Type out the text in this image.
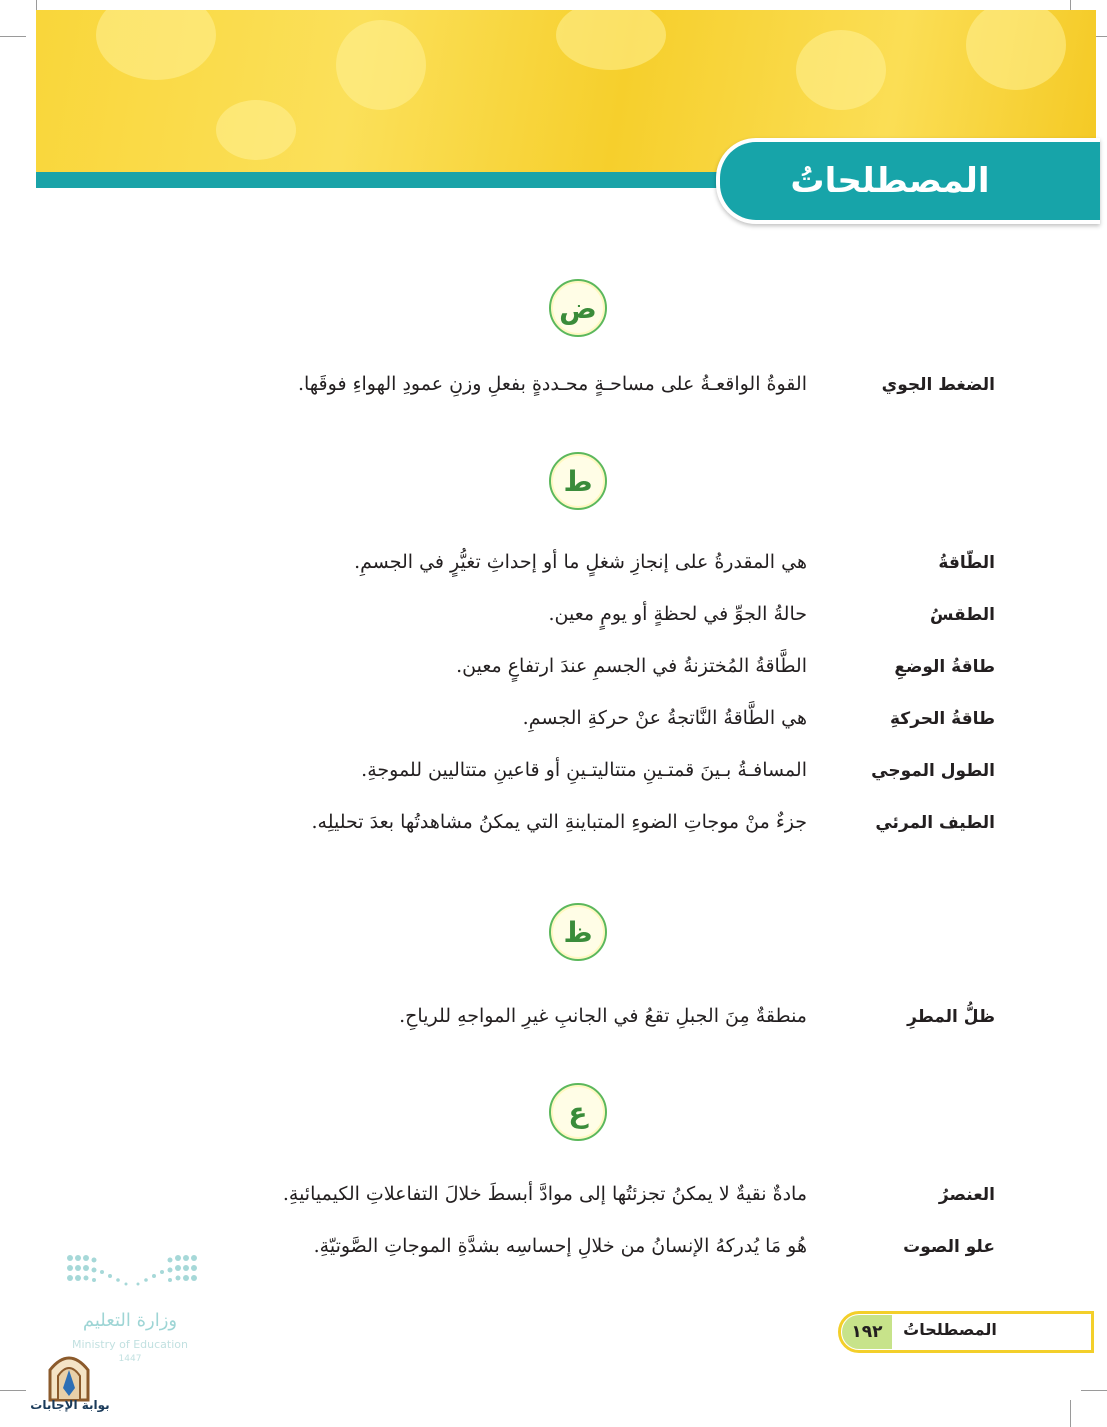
المصطلحاتُ
ض
الضغط الجوي
القوةُ الواقعـةُ على مساحـةٍ محـددةٍ بفعلِ وزنِ عمودِ الهواءِ فوقَها.
ط
الطّاقةُ
هي المقدرةُ على إنجازِ شغلٍ ما أو إحداثِ تغيُّرٍ في الجسمِ.
الطقسُ
حالةُ الجوِّ في لحظةٍ أو يومٍ معين.
طاقةُ الوضعِ
الطَّاقةُ المُختزنةُ في الجسمِ عندَ ارتفاعٍ معين.
طاقةُ الحركةِ
هي الطَّاقةُ النَّاتجةُ عنْ حركةِ الجسمِ.
الطول الموجي
المسافـةُ بـينَ قمتـينِ متتاليتـينِ أو قاعينِ متتاليين للموجةِ.
الطيف المرئي
جزءٌ منْ موجاتِ الضوءِ المتباينةِ التي يمكنُ مشاهدتُها بعدَ تحليلِه.
ظ
ظلُّ المطرِ
منطقةٌ مِنَ الجبلِ تقعُ في الجانبِ غيرِ المواجهِ للرياحِ.
ع
العنصرُ
مادةٌ نقيةٌ لا يمكنُ تجزئتُها إلى موادَّ أبسطَ خلالَ التفاعلاتِ الكيميائيةِ.
علو الصوت
هُو مَا يُدركهُ الإنسانُ من خلالِ إحساسِه بشدَّةِ الموجاتِ الصَّوتيّةِ.
وزارة التعليم
Ministry of Education
1447
بوابة الإجابات
١٩٢	المصطلحاتُ
